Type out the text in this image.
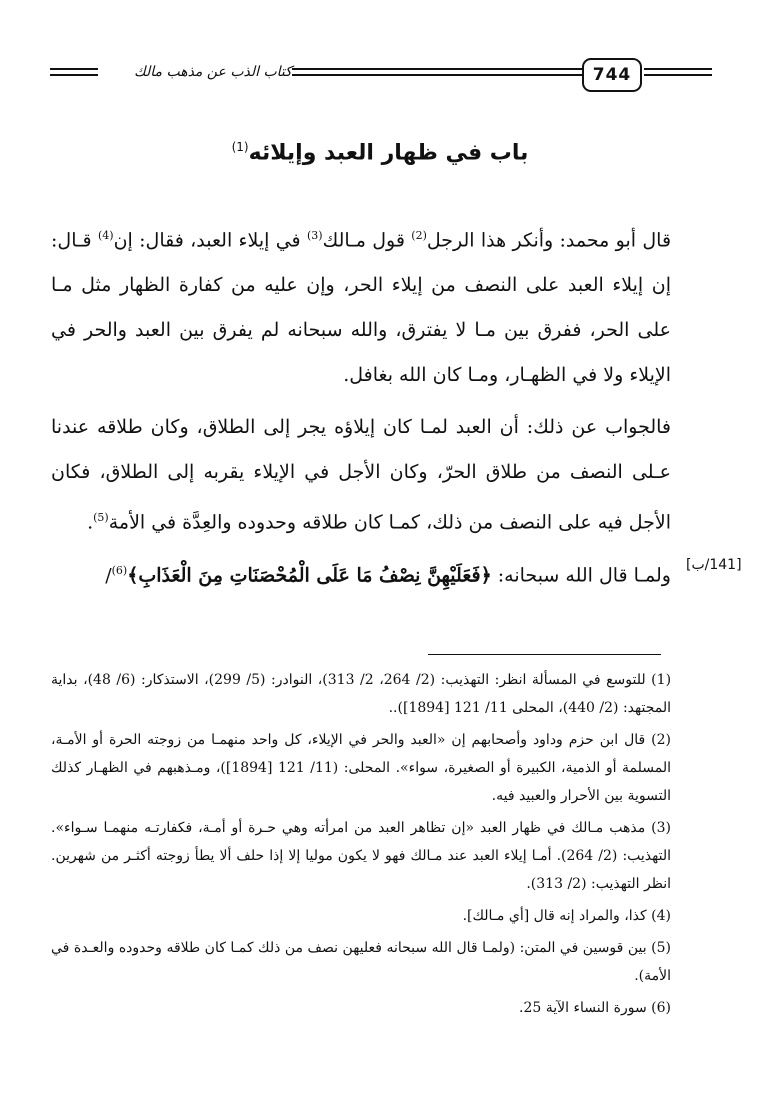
كتاب الذب عن مذهب مالك	744
باب في ظهار العبد وإيلائه$^{(1)}$
قال أبو محمد: وأنكر هذا الرجل$^{(2)}$ قول مـالك$^{(3)}$ في إيلاء العبد، فقال: إن$^{(4)}$ قـال: إن إيلاء العبد على النصف من إيلاء الحر، وإن عليه من كفارة الظهار مثل مـا على الحر، ففرق بين مـا لا يفترق، والله سبحانه لم يفرق بين العبد والحر في الإيلاء ولا في الظهـار، ومـا كان الله بغافل.
فالجواب عن ذلك: أن العبد لمـا كان إيلاؤه يجر إلى الطلاق، وكان طلاقه عندنا عـلى النصف من طلاق الحرّ، وكان الأجل في الإيلاء يقربه إلى الطلاق، فكان الأجل فيه على النصف من ذلك، كمـا كان طلاقه وحدوده والعِدَّة في الأمة$^{(5)}$.
ولمـا قال الله سبحانه: ﴿فَعَلَيْهِنَّ نِصْفُ مَا عَلَى الْمُحْصَنَاتِ مِنَ الْعَذَابِ﴾$^{(6)}$/	[141/ب]
(1) للتوسع في المسألة انظر: التهذيب: (2/ 264، 2/ 313)، النوادر: (5/ 299)، الاستذكار: (6/ 48)، بداية المجتهد: (2/ 440)، المحلى 11/ 121 [1894])..
(2) قال ابن حزم وداود وأصحابهم إن «العبد والحر في الإيلاء، كل واحد منهمـا من زوجته الحرة أو الأمـة، المسلمة أو الذمية، الكبيرة أو الصغيرة، سواء». المحلى: (11/ 121 [1894])، ومـذهبهم في الظهـار كذلك التسوية بين الأحرار والعبيد فيه.
(3) مذهب مـالك في ظهار العبد «إن تظاهر العبد من امرأته وهي حـرة أو أمـة، فكفارتـه منهمـا سـواء». التهذيب: (2/ 264). أمـا إيلاء العبد عند مـالك فهو لا يكون موليا إلا إذا حلف ألا يطأ زوجته أكثـر من شهرين. انظر التهذيب: (2/ 313).
(4) كذا، والمراد إنه قال [أي مـالك].
(5) بين قوسين في المتن: (ولمـا قال الله سبحانه فعليهن نصف من ذلك كمـا كان طلاقه وحدوده والعـدة في الأمة).
(6) سورة النساء الآية 25.
